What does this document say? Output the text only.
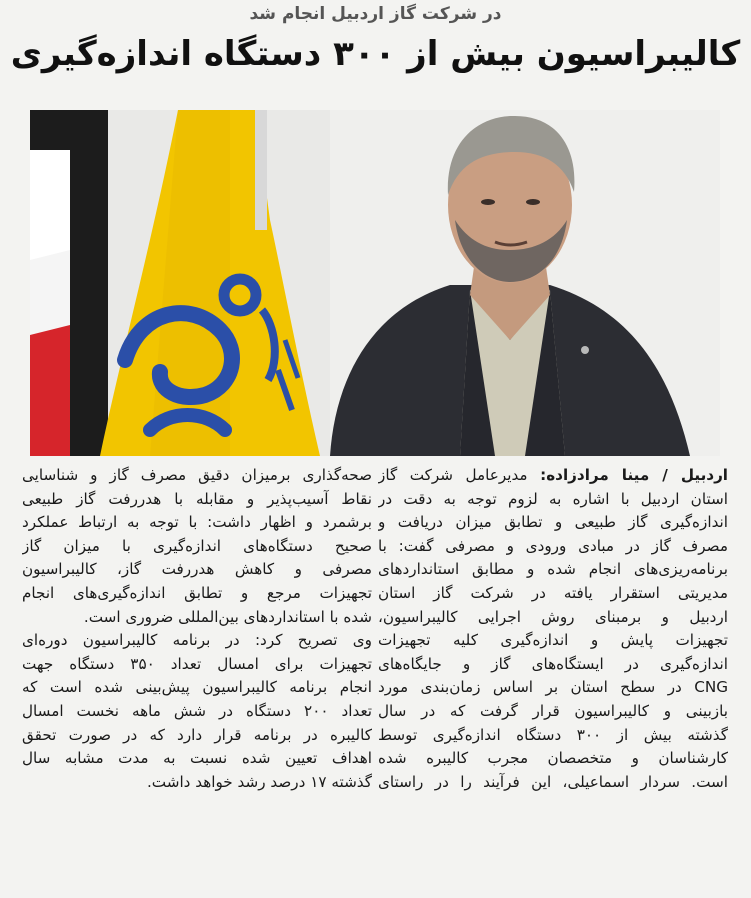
در شرکت گاز اردبیل انجام شد
کالیبراسیون بیش از ۳۰۰ دستگاه اندازه‌گیری
اردبیل / مینا مرادزاده: مدیرعامل شرکت گاز
استان اردبیل با اشاره به لزوم توجه به دقت در
اندازه‌گیری گاز طبیعی و تطابق میزان دریافت و
مصرف گاز در مبادی ورودی و مصرفی گفت: با
برنامه‌ریزی‌های انجام شده و مطابق استانداردهای
مدیریتی استقرار یافته در شرکت گاز استان
اردبیل و برمبنای روش اجرایی کالیبراسیون،
تجهیزات پایش و اندازه‌گیری کلیه تجهیزات
اندازه‌گیری در ایستگاه‌های گاز و جایگاه‌های
CNG در سطح استان بر اساس زمان‌بندی مورد
بازبینی و کالیبراسیون قرار گرفت که در سال
گذشته بیش از ۳۰۰ دستگاه اندازه‌گیری توسط
کارشناسان و متخصصان مجرب کالیبره شده
است. سردار اسماعیلی، این فرآیند را در راستای
صحه‌گذاری برمیزان دقیق مصرف گاز و شناسایی
نقاط آسیب‌پذیر و مقابله با هدررفت گاز طبیعی
برشمرد و اظهار داشت: با توجه به ارتباط عملکرد
صحیح دستگاه‌های اندازه‌گیری با میزان گاز
مصرفی و کاهش هدررفت گاز، کالیبراسیون
تجهیزات مرجع و تطابق اندازه‌گیری‌های انجام
شده با استانداردهای بین‌المللی ضروری است.
وی تصریح کرد: در برنامه کالیبراسیون دوره‌ای
تجهیزات برای امسال تعداد ۳۵۰ دستگاه جهت
انجام برنامه کالیبراسیون پیش‌بینی شده است که
تعداد ۲۰۰ دستگاه در شش ماهه نخست امسال
کالیبره در برنامه قرار دارد که در صورت تحقق
اهداف تعیین شده نسبت به مدت مشابه سال
گذشته ۱۷ درصد رشد خواهد داشت.
